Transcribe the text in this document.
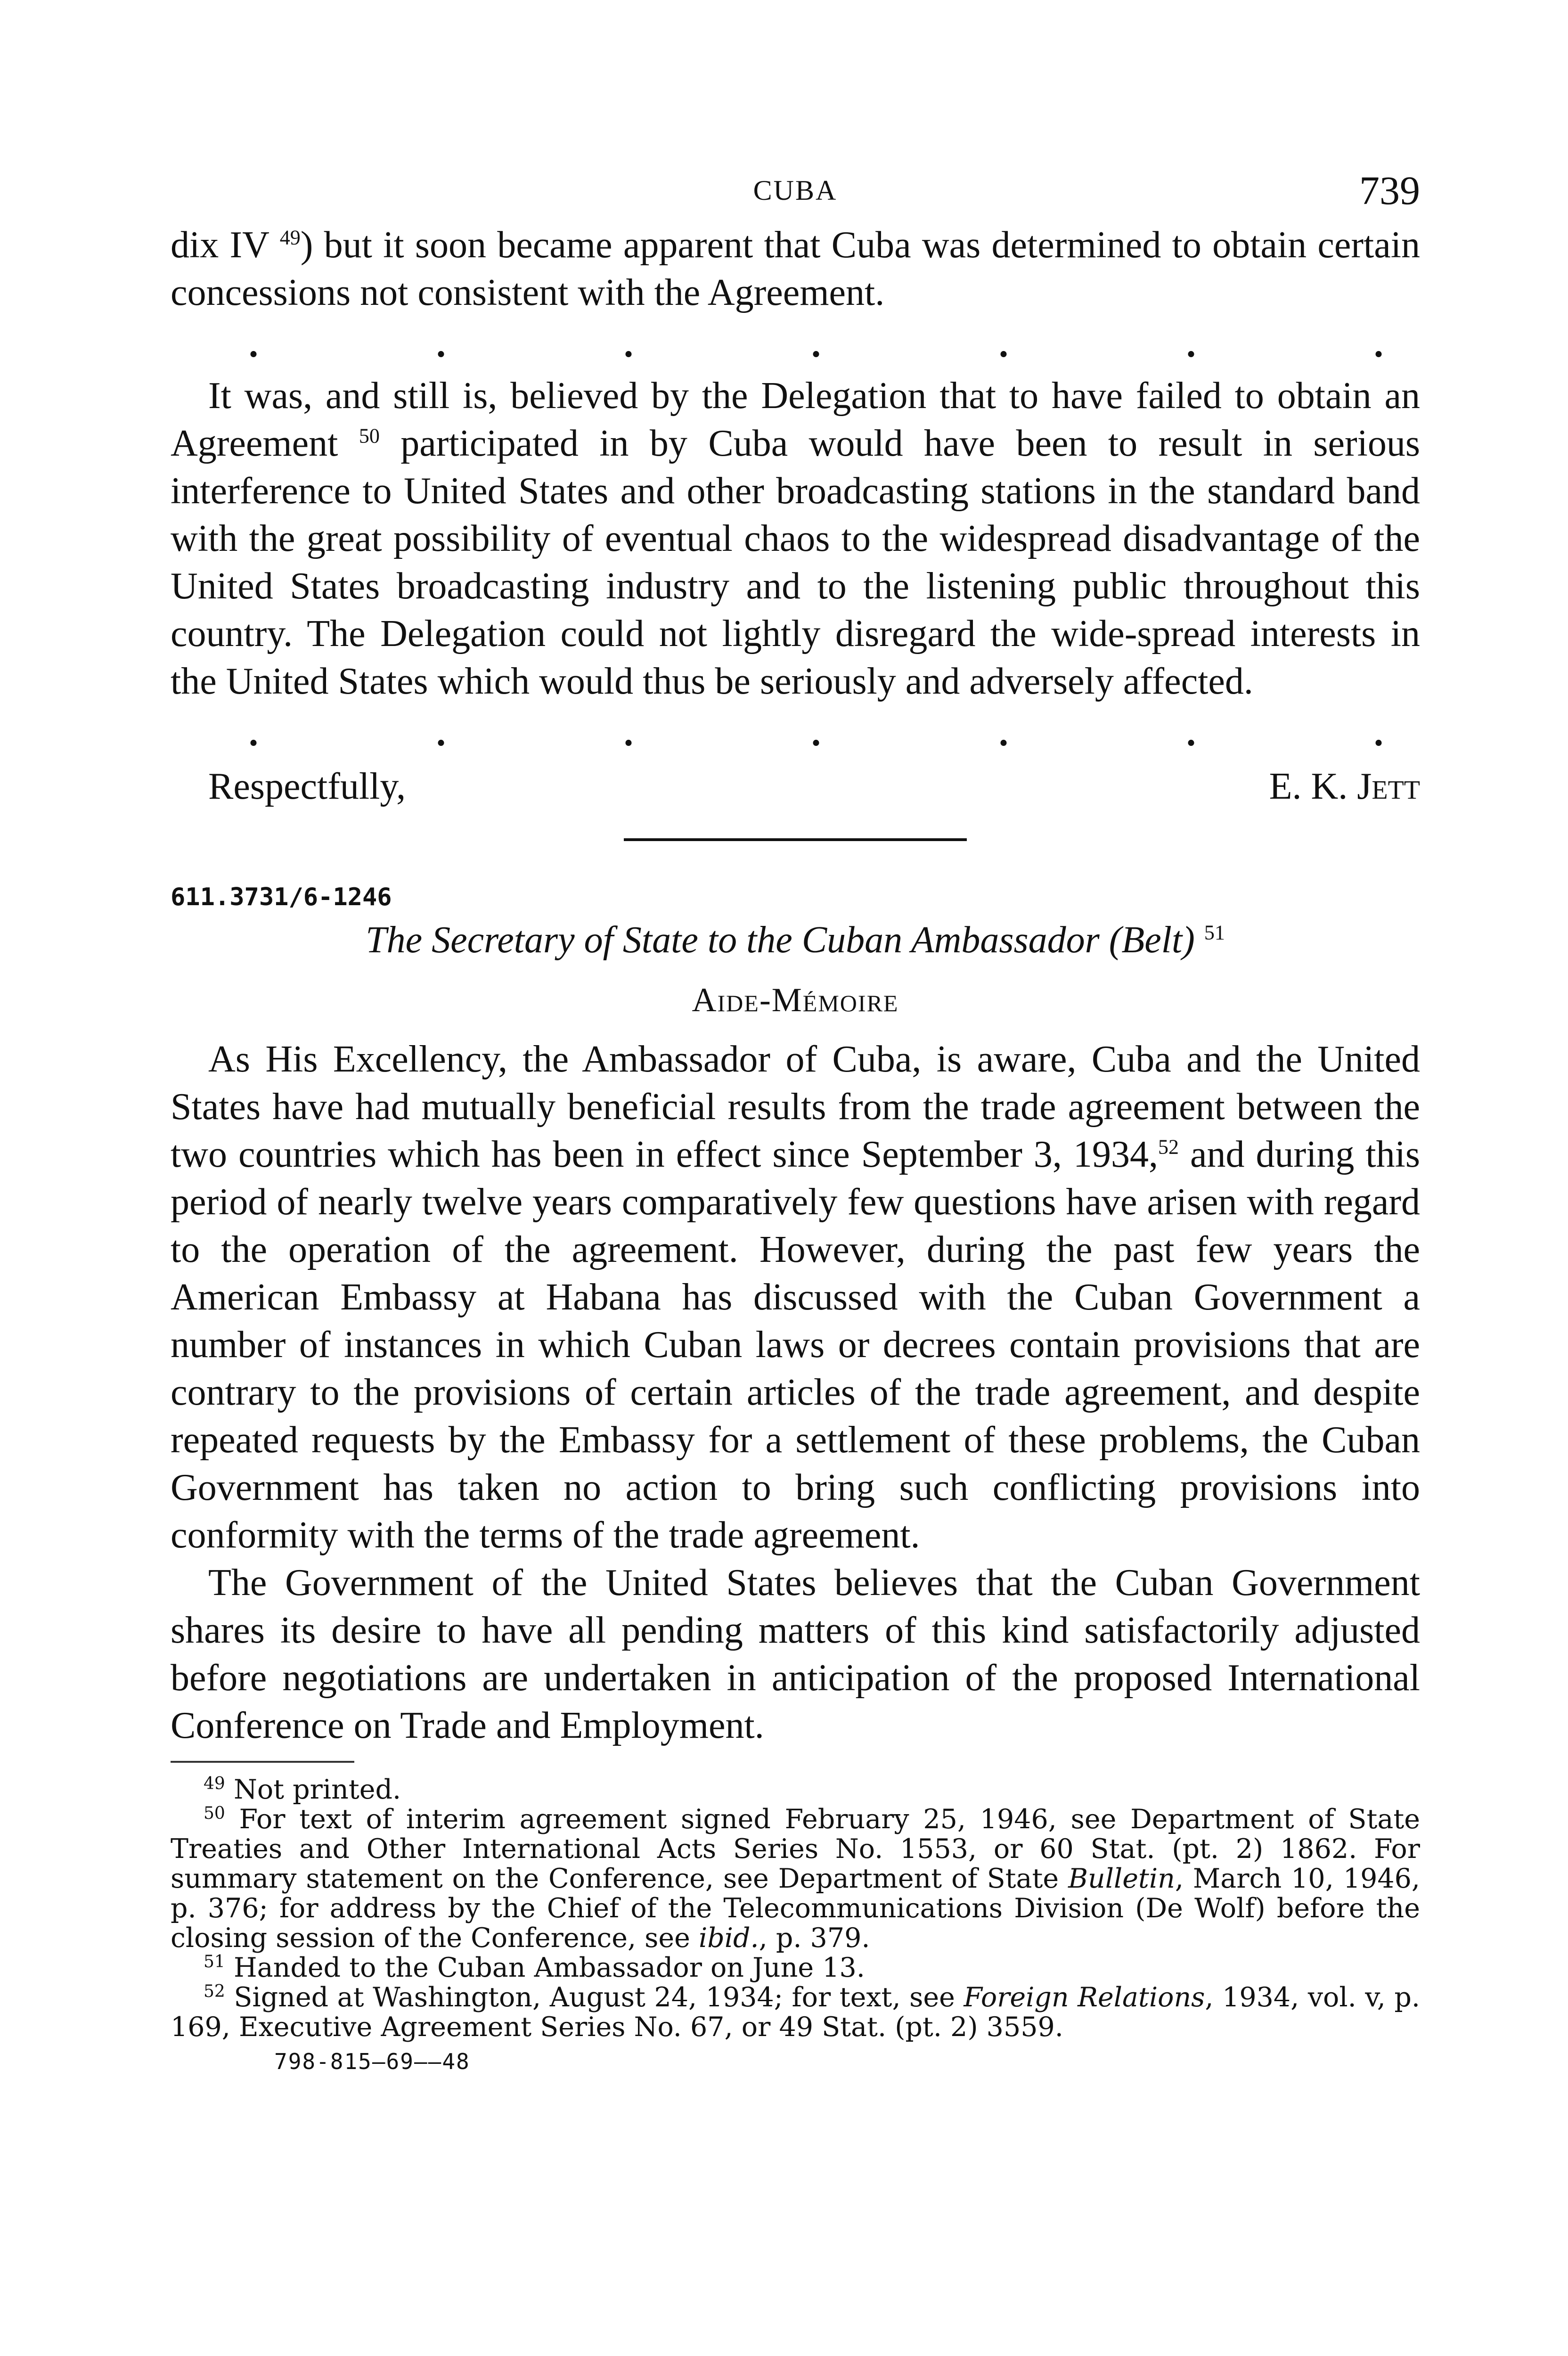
CUBA	739

dix IV $^{49}$) but it soon became apparent that Cuba was determined to obtain certain concessions not consistent with the Agreement.

.	.	.	.	.	.	.

It was, and still is, believed by the Delegation that to have failed to obtain an Agreement $^{50}$ participated in by Cuba would have been to result in serious interference to United States and other broadcasting stations in the standard band with the great possibility of eventual chaos to the widespread disadvantage of the United States broadcasting industry and to the listening public throughout this country. The Delegation could not lightly disregard the wide-spread interests in the United States which would thus be seriously and adversely affected.

.	.	.	.	.	.	.
Respectfully,	E. K. Jett
611.3731/6-1246
The Secretary of State to the Cuban Ambassador (Belt) $^{51}$
Aide-Mémoire

As His Excellency, the Ambassador of Cuba, is aware, Cuba and the United States have had mutually beneficial results from the trade agreement between the two countries which has been in effect since September 3, 1934,52 and during this period of nearly twelve years comparatively few questions have arisen with regard to the operation of the agreement. However, during the past few years the American Embassy at Habana has discussed with the Cuban Government a number of instances in which Cuban laws or decrees contain provisions that are contrary to the provisions of certain articles of the trade agreement, and despite repeated requests by the Embassy for a settlement of these problems, the Cuban Government has taken no action to bring such conflicting provisions into conformity with the terms of the trade agreement.

The Government of the United States believes that the Cuban Government shares its desire to have all pending matters of this kind satisfactorily adjusted before negotiations are undertaken in anticipation of the proposed International Conference on Trade and Employment.

$^{49}$ Not printed.
$^{50}$ For text of interim agreement signed February 25, 1946, see Department of State Treaties and Other International Acts Series No. 1553, or 60 Stat. (pt. 2) 1862. For summary statement on the Conference, see Department of State Bulletin, March 10, 1946, p. 376; for address by the Chief of the Telecommunications Division (De Wolf) before the closing session of the Conference, see ibid., p. 379.
$^{51}$ Handed to the Cuban Ambassador on June 13.
$^{52}$ Signed at Washington, August 24, 1934; for text, see Foreign Relations, 1934, vol. v, p. 169, Executive Agreement Series No. 67, or 49 Stat. (pt. 2) 3559.
798-815—69——48
